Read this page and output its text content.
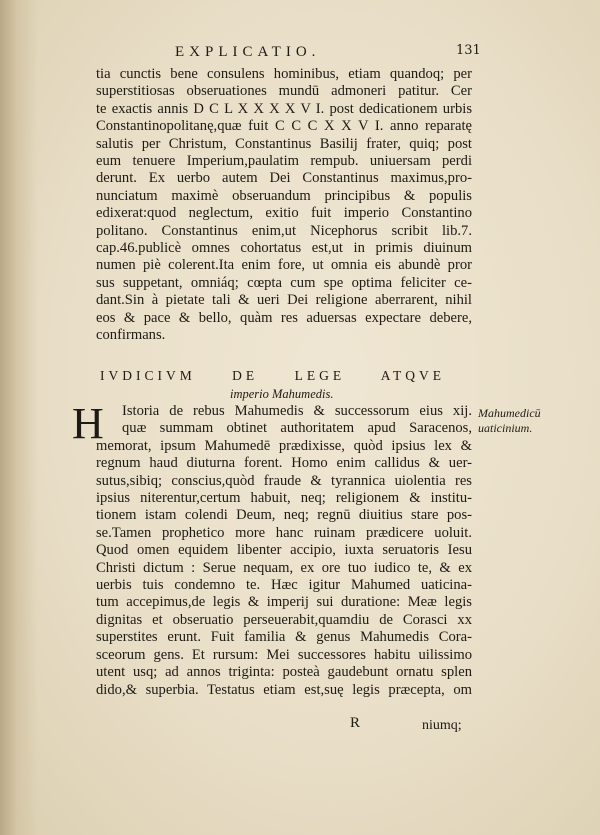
EXPLICATIO.	131
tia cunctis bene consulens hominibus, etiam quandoq; per
superstitiosas obseruationes mundū admoneri patitur. Cer
te exactis annis D C L X X X X V I. post dedicationem urbis
Constantinopolitanę,quæ fuit C C C X X V I. anno reparatę
salutis per Christum, Constantinus Basilij frater, quiq; post
eum tenuere Imperium,paulatim rempub. uniuersam perdi
derunt. Ex uerbo autem Dei Constantinus maximus,pro-
nunciatum maximè obseruandum principibus & populis
edixerat:quod neglectum, exitio fuit imperio Constantino
politano. Constantinus enim,ut Nicephorus scribit lib.7.
cap.46.publicè omnes cohortatus est,ut in primis diuinum
numen piè colerent.Ita enim fore, ut omnia eis abundè pror
sus suppetant, omniáq; cœpta cum spe optima feliciter ce-
dant.Sin à pietate tali & ueri Dei religione aberrarent, nihil
eos & pace & bello, quàm res aduersas expectare debere,
confirmans.
IVDICIVM DE LEGE ATQVE
imperio Mahumedis.
H	Istoria de rebus Mahumedis & successorum eius xij.
quæ summam obtinet authoritatem apud Saracenos,
memorat, ipsum Mahumedē prædixisse, quòd ipsius lex &
regnum haud diuturna forent. Homo enim callidus & uer-
sutus,sibiq; conscius,quòd fraude & tyrannica uiolentia res
ipsius niterentur,certum habuit, neq; religionem & institu-
tionem istam colendi Deum, neq; regnū diuitius stare pos-
se.Tamen prophetico more hanc ruinam prædicere uoluit.
Quod omen equidem libenter accipio, iuxta seruatoris Iesu
Christi dictum : Serue nequam, ex ore tuo iudico te, & ex
uerbis tuis condemno te. Hæc igitur Mahumed uaticina-
tum accepimus,de legis & imperij sui duratione: Meæ legis
dignitas et obseruatio perseuerabit,quamdiu de Corasci xx
superstites erunt. Fuit familia & genus Mahumedis Cora-
sceorum gens. Et rursum: Mei successores habitu uilissimo
utent usq; ad annos triginta: posteà gaudebunt ornatu splen
dido,& superbia. Testatus etiam est,suę legis præcepta, om
Mahumedicū
uaticinium.
R	niumq;
